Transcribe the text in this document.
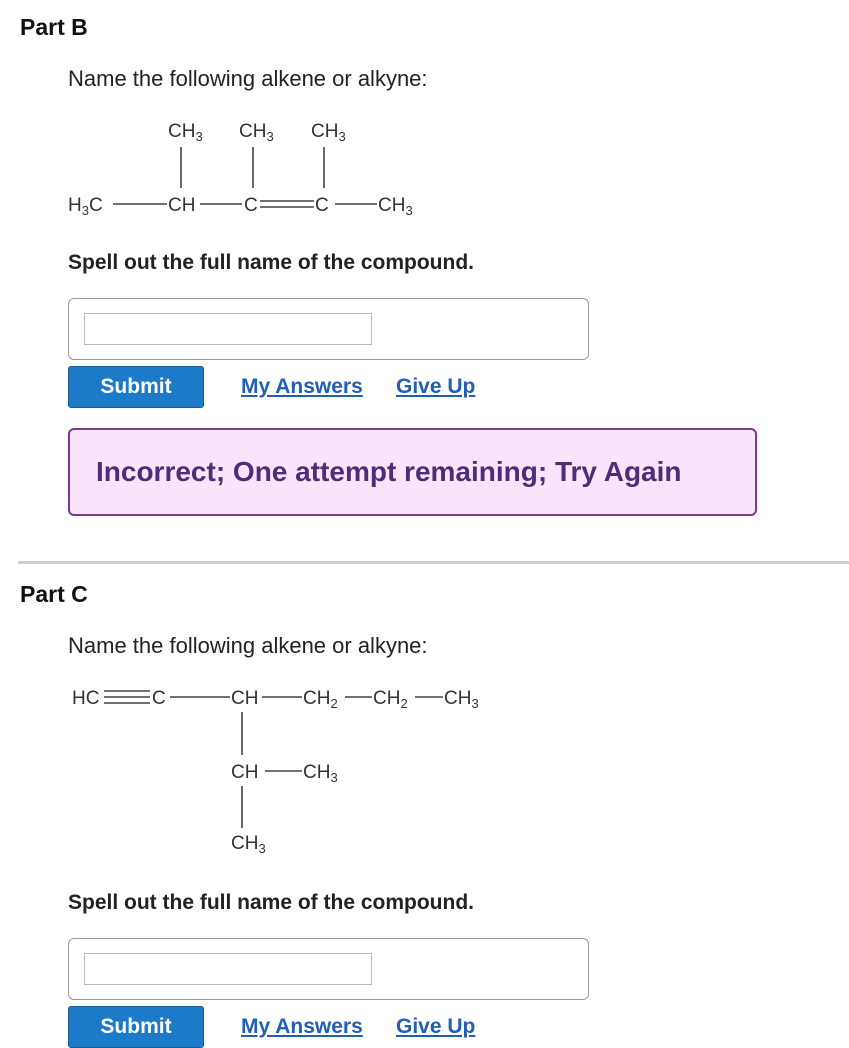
Part B
Name the following alkene or alkyne:
$CH_3$ $CH_3$ $CH_3$
$H_3C$	CH	C	C	$CH_3$
Spell out the full name of the compound.
Submit	My Answers Give Up
Incorrect; One attempt remaining; Try Again
Part C
Name the following alkene or alkyne:
HC	C	CH $CH_2$ $CH_2$ $CH_3$
CH $CH_3$
$CH_3$
Spell out the full name of the compound.
Submit	My Answers Give Up
